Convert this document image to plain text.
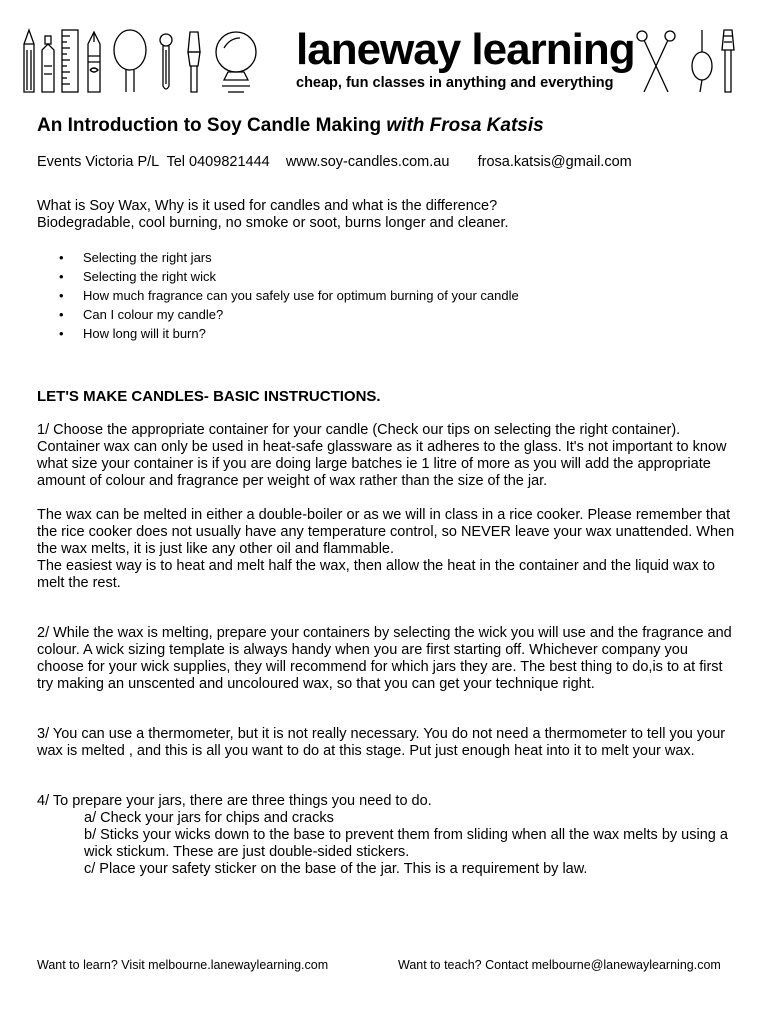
laneway learning
cheap, fun classes in anything and everything
An Introduction to Soy Candle Making with Frosa Katsis
Events Victoria P/L  Tel 0409821444    www.soy-candles.com.au       frosa.katsis@gmail.com

What is Soy Wax, Why is it used for candles and what is the difference?

Biodegradable, cool burning, no smoke or soot, burns longer and cleaner.

• Selecting the right jars
• Selecting the right wick
• How much fragrance can you safely use for optimum burning of your candle
• Can I colour my candle?
• How long will it burn?

LET'S MAKE CANDLES- BASIC INSTRUCTIONS.

1/ Choose the appropriate container for your candle (Check our tips on selecting the right container). Container wax can only be used in heat-safe glassware as it adheres to the glass. It's not important to know what size your container is if you are doing large batches ie 1 litre of more as you will add the appropriate amount of colour and fragrance per weight of wax rather than the size of the jar.

The wax can be melted in either a double-boiler or as we will in class in a rice cooker. Please remember that the rice cooker does not usually have any temperature control, so NEVER leave your wax unattended. When the wax melts, it is just like any other oil and flammable.

The easiest way is to heat and melt half the wax, then allow the heat in the container and the liquid wax to melt the rest.

2/ While the wax is melting, prepare your containers by selecting the wick you will use and the fragrance and colour. A wick sizing template is always handy when you are first starting off. Whichever company you choose for your wick supplies, they will recommend for which jars they are. The best thing to do,is to at first try making an unscented and uncoloured wax, so that you can get your technique right.

3/ You can use a thermometer, but it is not really necessary. You do not need a thermometer to tell you your wax is melted , and this is all you want to do at this stage. Put just enough heat into it to melt your wax.

4/ To prepare your jars, there are three things you need to do.

a/ Check your jars for chips and cracks

b/ Sticks your wicks down to the base to prevent them from sliding when all the wax melts by using a wick stickum. These are just double-sided stickers.

c/ Place your safety sticker on the base of the jar. This is a requirement by law.

Want to learn? Visit melbourne.lanewaylearning.com	Want to teach? Contact melbourne@lanewaylearning.com
